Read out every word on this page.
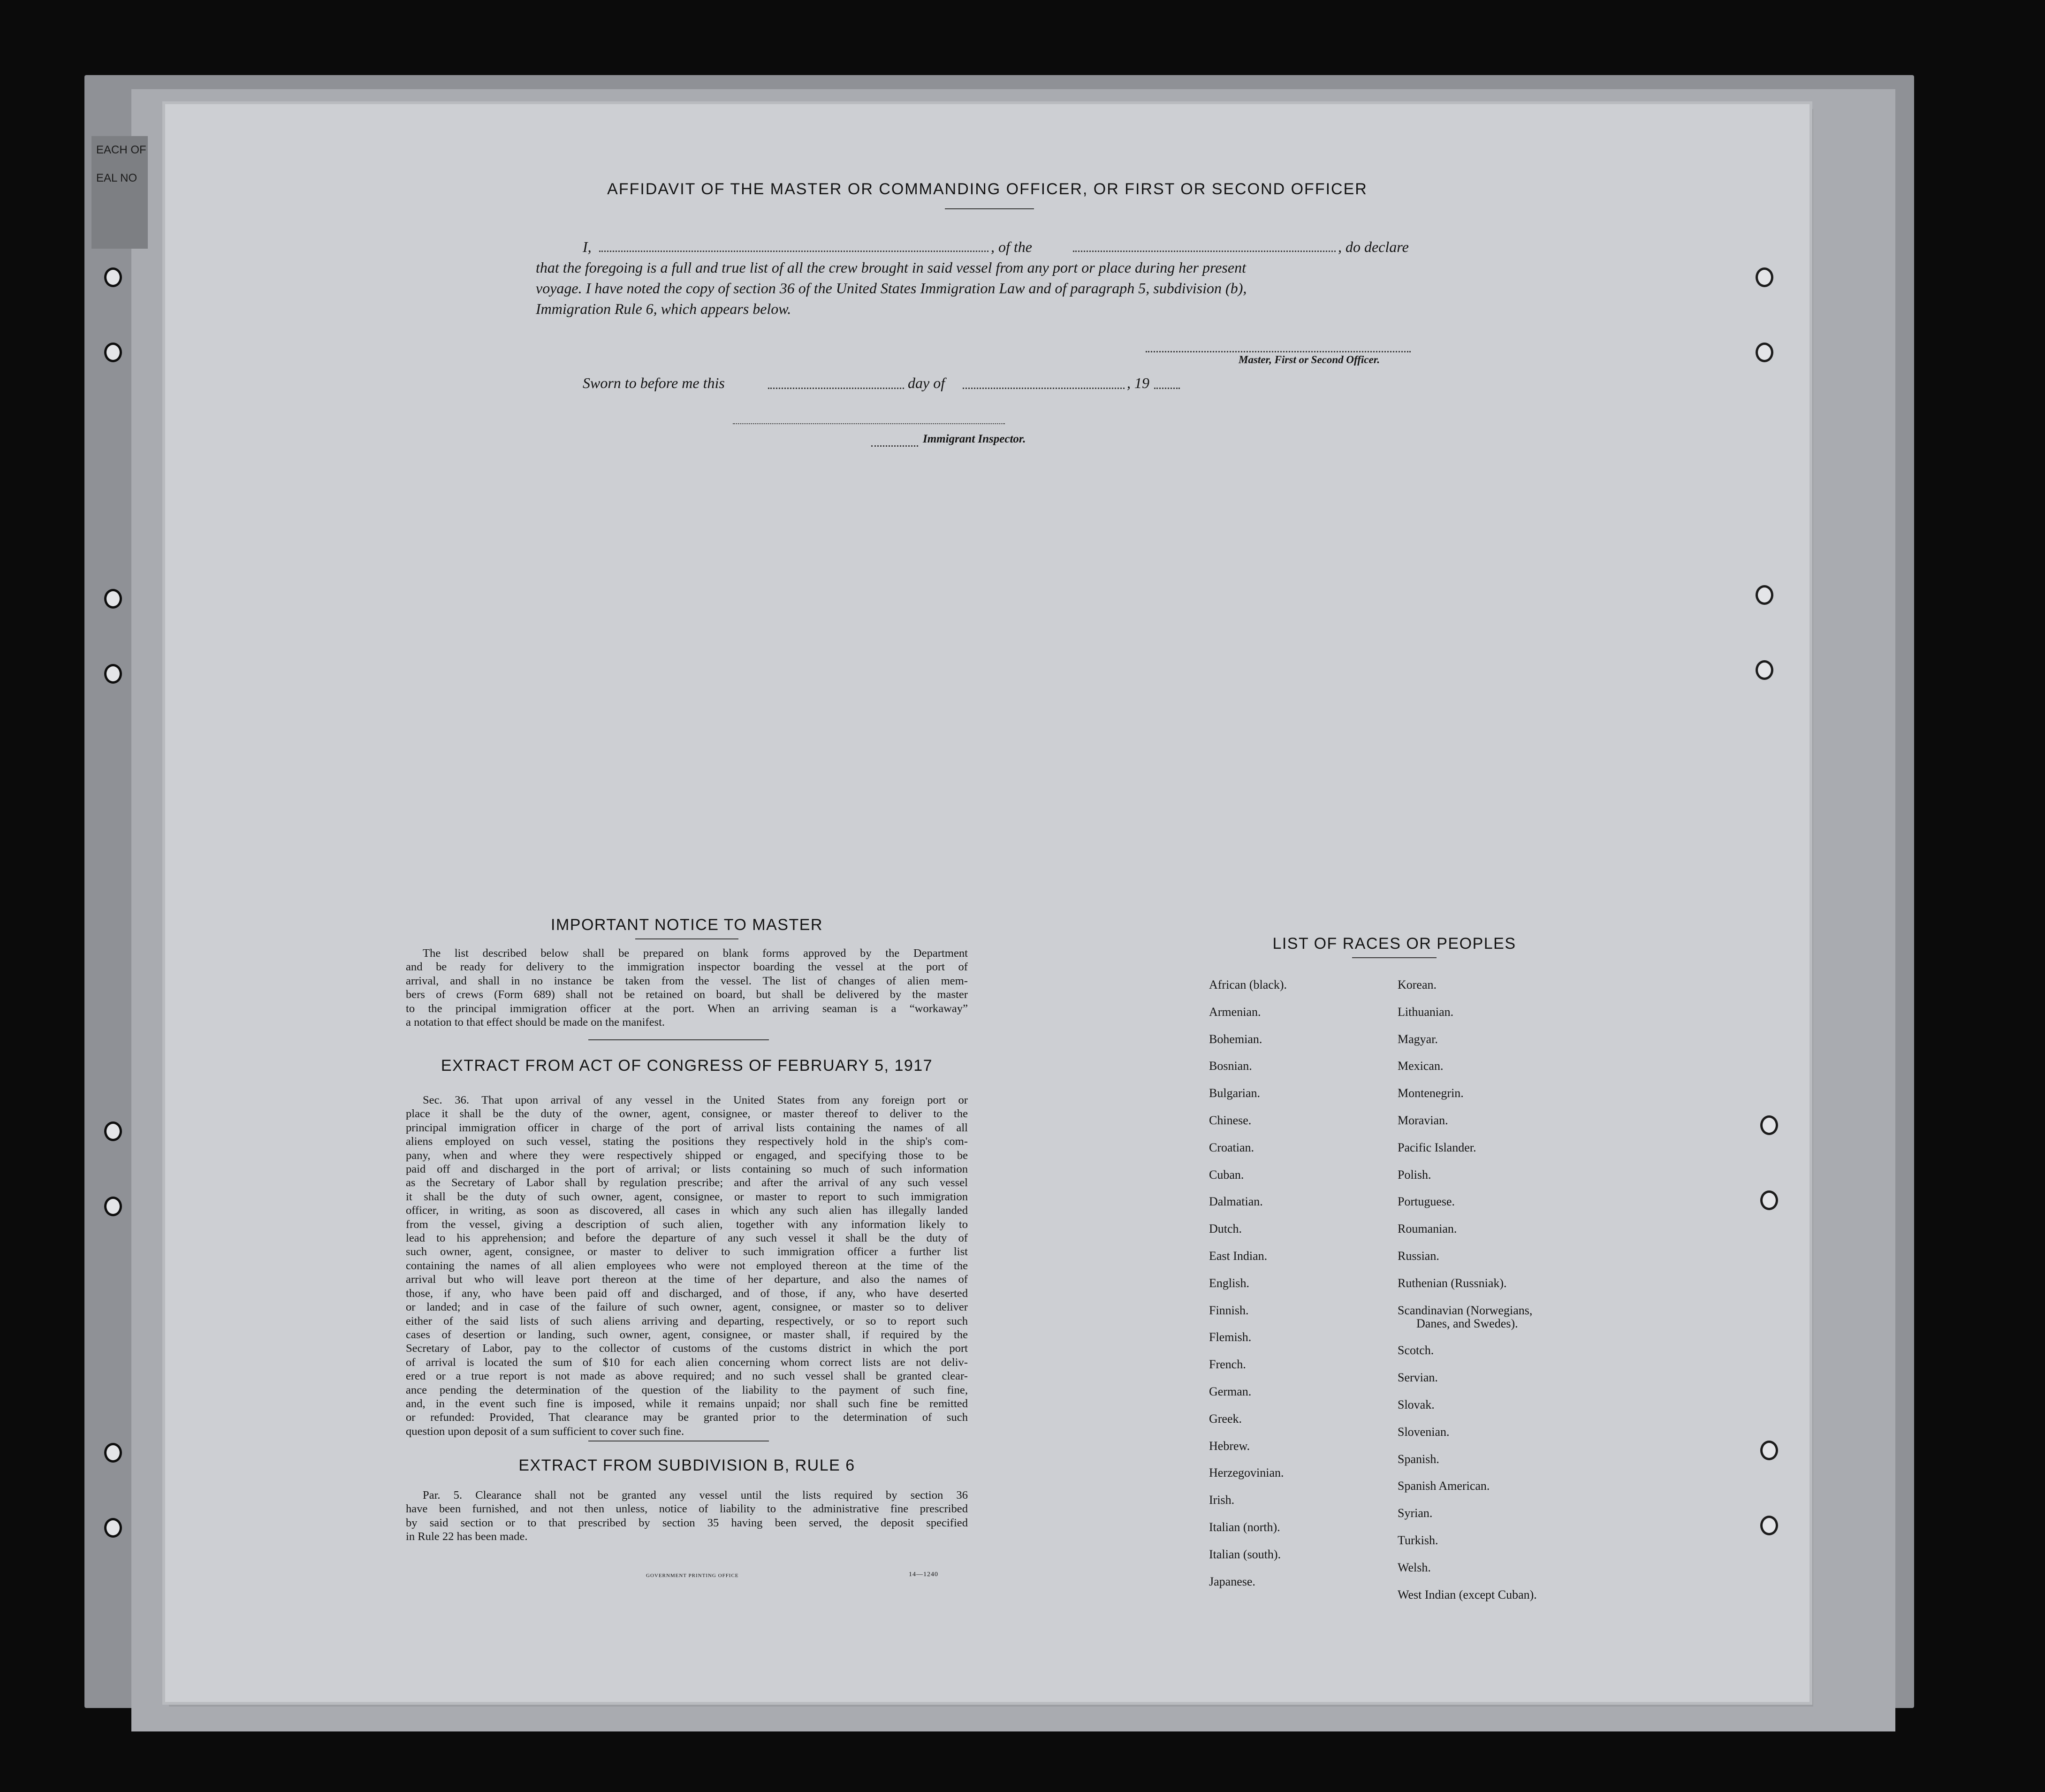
EACH OF
EAL NO
AFFIDAVIT OF THE MASTER OR COMMANDING OFFICER, OR FIRST OR SECOND OFFICER
I,	, of the	, do declare
that the foregoing is a full and true list of all the crew brought in said vessel from any port or place during her present
voyage. I have noted the copy of section 36 of the United States Immigration Law and of paragraph 5, subdivision (b),
Immigration Rule 6, which appears below.
Master, First or Second Officer.
Sworn to before me this	day of	, 19
Immigrant Inspector.
IMPORTANT NOTICE TO MASTER
The list described below shall be prepared on blank forms approved by the Department
and be ready for delivery to the immigration inspector boarding the vessel at the port of
arrival, and shall in no instance be taken from the vessel. The list of changes of alien mem-
bers of crews (Form 689) shall not be retained on board, but shall be delivered by the master
to the principal immigration officer at the port. When an arriving seaman is a “workaway”
a notation to that effect should be made on the manifest.
EXTRACT FROM ACT OF CONGRESS OF FEBRUARY 5, 1917
Sec. 36. That upon arrival of any vessel in the United States from any foreign port or
place it shall be the duty of the owner, agent, consignee, or master thereof to deliver to the
principal immigration officer in charge of the port of arrival lists containing the names of all
aliens employed on such vessel, stating the positions they respectively hold in the ship's com-
pany, when and where they were respectively shipped or engaged, and specifying those to be
paid off and discharged in the port of arrival; or lists containing so much of such information
as the Secretary of Labor shall by regulation prescribe; and after the arrival of any such vessel
it shall be the duty of such owner, agent, consignee, or master to report to such immigration
officer, in writing, as soon as discovered, all cases in which any such alien has illegally landed
from the vessel, giving a description of such alien, together with any information likely to
lead to his apprehension; and before the departure of any such vessel it shall be the duty of
such owner, agent, consignee, or master to deliver to such immigration officer a further list
containing the names of all alien employees who were not employed thereon at the time of the
arrival but who will leave port thereon at the time of her departure, and also the names of
those, if any, who have been paid off and discharged, and of those, if any, who have deserted
or landed; and in case of the failure of such owner, agent, consignee, or master so to deliver
either of the said lists of such aliens arriving and departing, respectively, or so to report such
cases of desertion or landing, such owner, agent, consignee, or master shall, if required by the
Secretary of Labor, pay to the collector of customs of the customs district in which the port
of arrival is located the sum of $10 for each alien concerning whom correct lists are not deliv-
ered or a true report is not made as above required; and no such vessel shall be granted clear-
ance pending the determination of the question of the liability to the payment of such fine,
and, in the event such fine is imposed, while it remains unpaid; nor shall such fine be remitted
or refunded: Provided, That clearance may be granted prior to the determination of such
question upon deposit of a sum sufficient to cover such fine.
EXTRACT FROM SUBDIVISION B, RULE 6
Par. 5. Clearance shall not be granted any vessel until the lists required by section 36
have been furnished, and not then unless, notice of liability to the administrative fine prescribed
by said section or to that prescribed by section 35 having been served, the deposit specified
in Rule 22 has been made.
GOVERNMENT PRINTING OFFICE	14—1240
LIST OF RACES OR PEOPLES
African (black).
Armenian.
Bohemian.
Bosnian.
Bulgarian.
Chinese.
Croatian.
Cuban.
Dalmatian.
Dutch.
East Indian.
English.
Finnish.
Flemish.
French.
German.
Greek.
Hebrew.
Herzegovinian.
Irish.
Italian (north).
Italian (south).
Japanese.
Korean.
Lithuanian.
Magyar.
Mexican.
Montenegrin.
Moravian.
Pacific Islander.
Polish.
Portuguese.
Roumanian.
Russian.
Ruthenian (Russniak).
Scandinavian (Norwegians,
Danes, and Swedes).
Scotch.
Servian.
Slovak.
Slovenian.
Spanish.
Spanish American.
Syrian.
Turkish.
Welsh.
West Indian (except Cuban).
